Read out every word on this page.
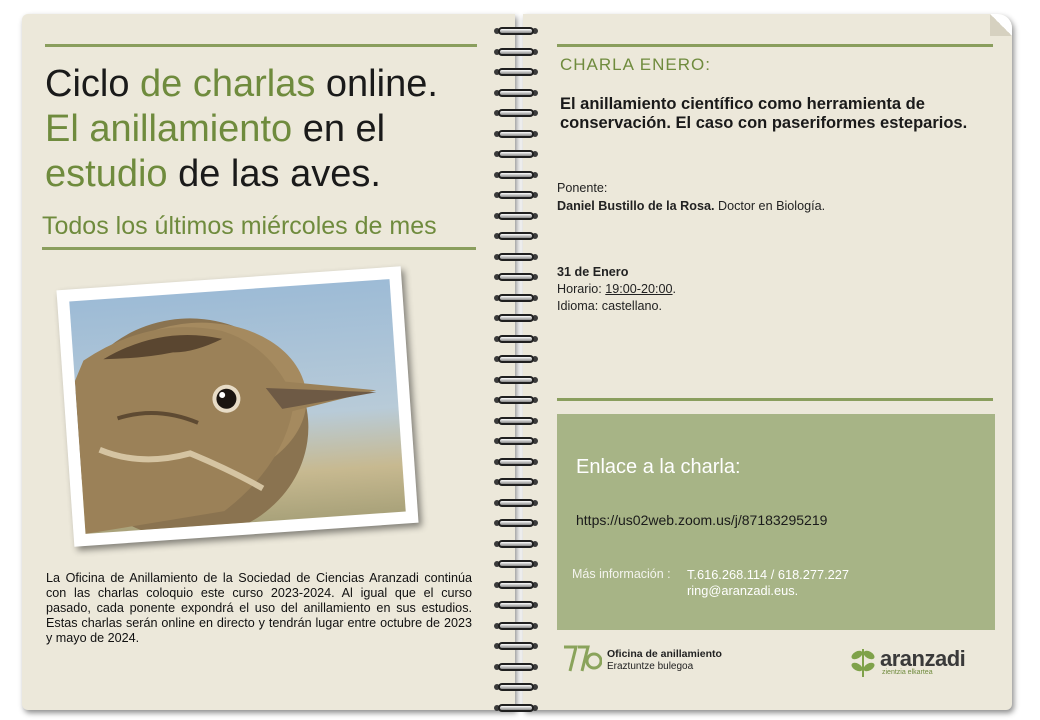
Ciclo de charlas online.
El anillamiento en el
estudio de las aves.
Todos los últimos miércoles de mes
La Oficina de Anillamiento de la Sociedad de Ciencias Aranzadi continúa con las charlas coloquio este curso 2023-2024. Al igual que el curso pasado, cada ponente expondrá el uso del anillamiento en sus estudios. Estas charlas serán online en directo y tendrán lugar entre octubre de 2023 y mayo de 2024.
CHARLA ENERO:
El anillamiento científico como herramienta de conservación. El caso con paseriformes esteparios.
Ponente:
Daniel Bustillo de la Rosa. Doctor en Biología.
31 de Enero
Horario: 19:00-20:00.
Idioma: castellano.
Enlace a la charla:
https://us02web.zoom.us/j/87183295219
Más información : T.616.268.114 / 618.277.227
ring@aranzadi.eus.
Oficina de anillamiento
Eraztuntze bulegoa	aranzadi
zientzia elkartea
